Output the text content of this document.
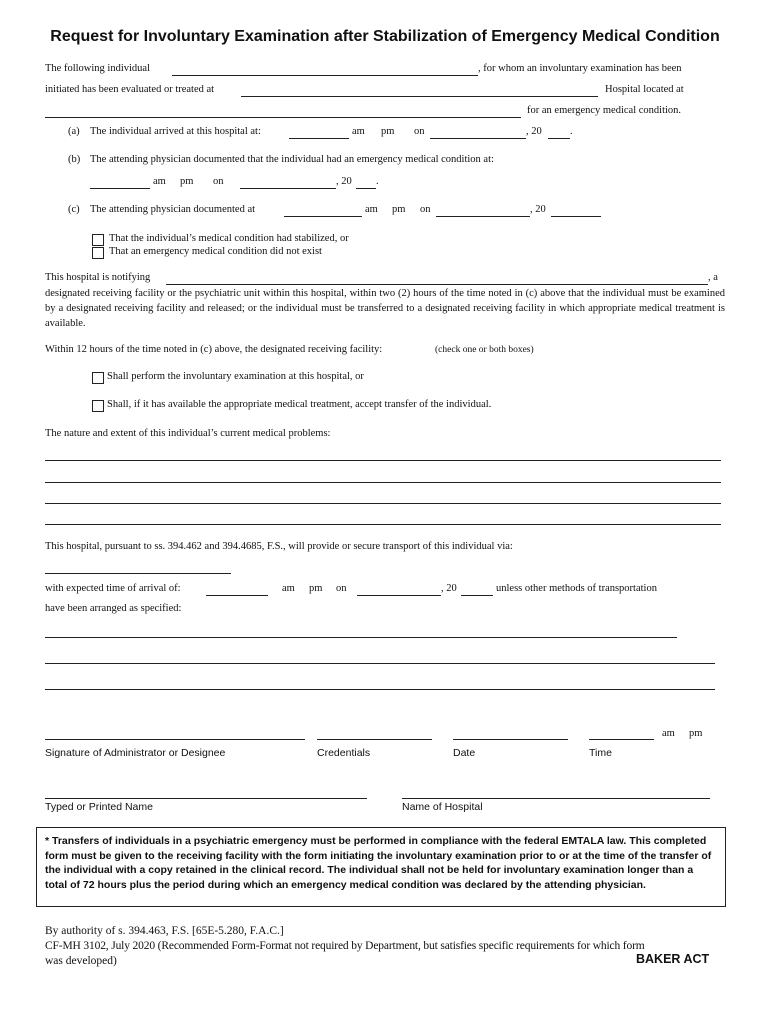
Request for Involuntary Examination after Stabilization of Emergency Medical Condition
The following individual	, for whom an involuntary examination has been
initiated has been evaluated or treated at	Hospital located at
for an emergency medical condition.
(a) The individual arrived at this hospital at:	am pm on	, 20	.
(b) The attending physician documented that the individual had an emergency medical condition at:
am pm on	, 20 .
(c) The attending physician documented at	am pm on	, 20
That the individual’s medical condition had stabilized, or
That an emergency medical condition did not exist
This hospital is notifying	, a
designated receiving facility or the psychiatric unit within this hospital, within two (2) hours of the time noted in (c) above that the individual must be examined by a designated receiving facility and released; or the individual must be transferred to a designated receiving facility in which appropriate medical treatment is available.
Within 12 hours of the time noted in (c) above, the designated receiving facility:	(check one or both boxes)
Shall perform the involuntary examination at this hospital, or
Shall, if it has available the appropriate medical treatment, accept transfer of the individual.
The nature and extent of this individual’s current medical problems:
This hospital, pursuant to ss. 394.462 and 394.4685, F.S., will provide or secure transport of this individual via:
with expected time of arrival of:	am pm on	, 20	unless other methods of transportation
have been arranged as specified:
am pm
Signature of Administrator or Designee	Credentials	Date	Time
Typed or Printed Name	Name of Hospital
* Transfers of individuals in a psychiatric emergency must be performed in compliance with the federal EMTALA law. This completed form must be given to the receiving facility with the form initiating the involuntary examination prior to or at the time of the transfer of the individual with a copy retained in the clinical record. The individual shall not be held for involuntary examination longer than a total of 72 hours plus the period during which an emergency medical condition was declared by the attending physician.
By authority of s. 394.463, F.S. [65E-5.280, F.A.C.]
CF-MH 3102, July 2020 (Recommended Form-Format not required by Department, but satisfies specific requirements for which form
was developed)	BAKER ACT
